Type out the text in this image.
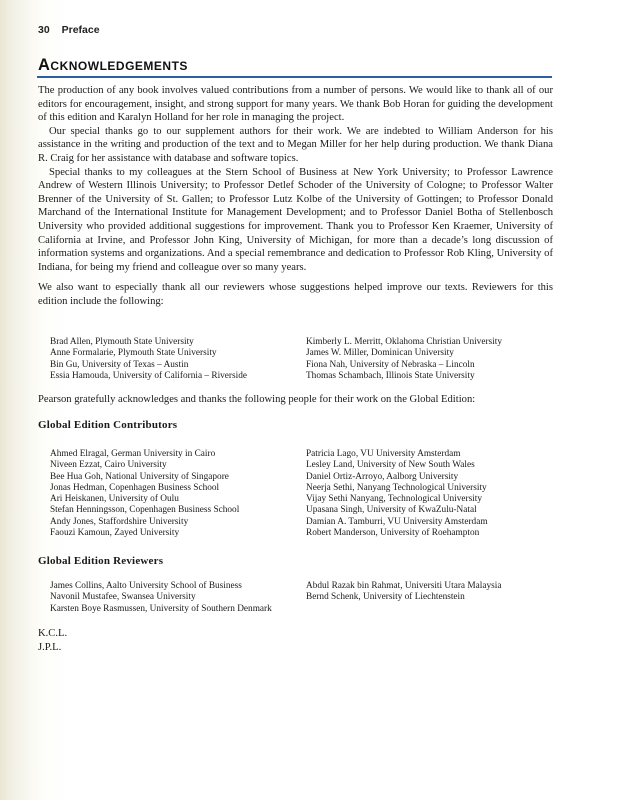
30 Preface
Acknowledgements

The production of any book involves valued contributions from a number of persons. We would like to thank all of our editors for encouragement, insight, and strong support for many years. We thank Bob Horan for guiding the development of this edition and Karalyn Holland for her role in managing the project.

Our special thanks go to our supplement authors for their work. We are indebted to William Anderson for his assistance in the writing and production of the text and to Megan Miller for her help during production. We thank Diana R. Craig for her assistance with database and software topics.

Special thanks to my colleagues at the Stern School of Business at New York University; to Professor Lawrence Andrew of Western Illinois University; to Professor Detlef Schoder of the University of Cologne; to Professor Walter Brenner of the University of St. Gallen; to Professor Lutz Kolbe of the University of Gottingen; to Professor Donald Marchand of the International Institute for Management Development; and to Professor Daniel Botha of Stellenbosch University who provided additional suggestions for improvement. Thank you to Professor Ken Kraemer, University of California at Irvine, and Professor John King, University of Michigan, for more than a decade’s long discussion of information systems and organizations. And a special remembrance and dedication to Professor Rob Kling, University of Indiana, for being my friend and colleague over so many years.

We also want to especially thank all our reviewers whose suggestions helped improve our texts. Reviewers for this edition include the following:

Brad Allen, Plymouth State University
Anne Formalarie, Plymouth State University
Bin Gu, University of Texas – Austin
Essia Hamouda, University of California – Riverside
Kimberly L. Merritt, Oklahoma Christian University
James W. Miller, Dominican University
Fiona Nah, University of Nebraska – Lincoln
Thomas Schambach, Illinois State University
Pearson gratefully acknowledges and thanks the following people for their work on the Global Edition:
Global Edition Contributors
Ahmed Elragal, German University in Cairo
Niveen Ezzat, Cairo University
Bee Hua Goh, National University of Singapore
Jonas Hedman, Copenhagen Business School
Ari Heiskanen, University of Oulu
Stefan Henningsson, Copenhagen Business School
Andy Jones, Staffordshire University
Faouzi Kamoun, Zayed University
Patricia Lago, VU University Amsterdam
Lesley Land, University of New South Wales
Daniel Ortiz-Arroyo, Aalborg University
Neerja Sethi, Nanyang Technological University
Vijay Sethi Nanyang, Technological University
Upasana Singh, University of KwaZulu-Natal
Damian A. Tamburri, VU University Amsterdam
Robert Manderson, University of Roehampton
Global Edition Reviewers
James Collins, Aalto University School of Business
Navonil Mustafee, Swansea University
Karsten Boye Rasmussen, University of Southern Denmark
Abdul Razak bin Rahmat, Universiti Utara Malaysia
Bernd Schenk, University of Liechtenstein
K.C.L.
J.P.L.
